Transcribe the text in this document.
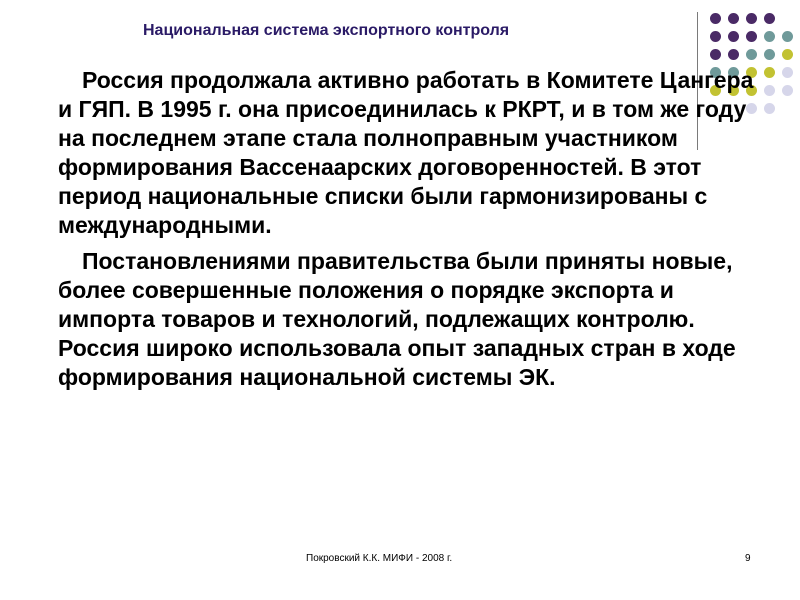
Национальная система экспортного контроля

Россия продолжала активно работать в Комитете Цангера и ГЯП. В 1995 г. она присоединилась к РКРТ, и в том же году на последнем этапе стала полноправным участником формирования Вассенаарских договоренностей. В этот период национальные списки были гармонизированы с международными.

Постановлениями правительства были приняты новые, более совершенные положения о порядке экспорта и импорта товаров и технологий, подлежащих контролю. Россия широко использовала опыт западных стран в ходе формирования национальной системы ЭК.

Покровский К.К. МИФИ - 2008 г.	9
